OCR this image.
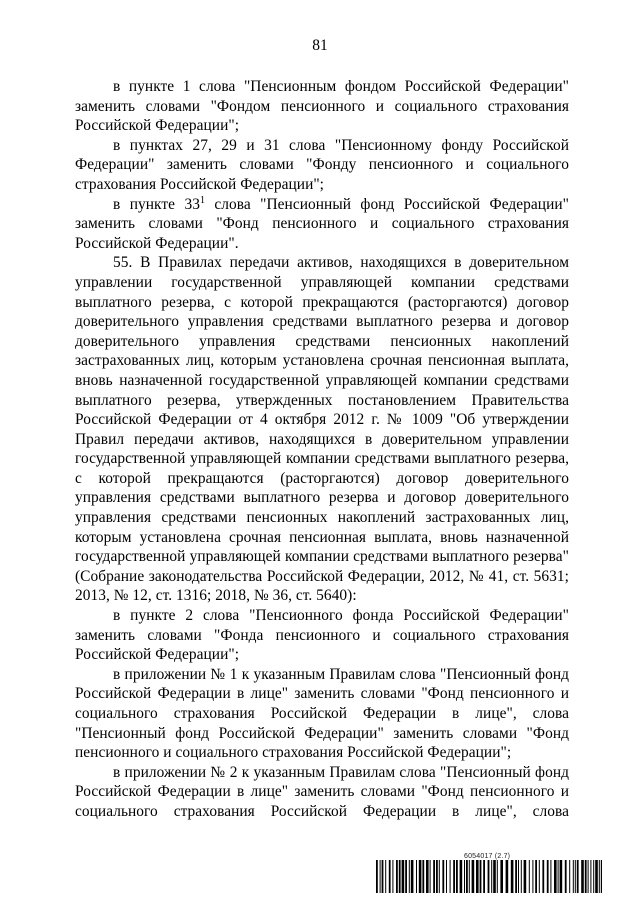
81

в пункте 1 слова "Пенсионным фондом Российской Федерации" заменить словами "Фондом пенсионного и социального страхования Российской Федерации";

в пунктах 27, 29 и 31 слова "Пенсионному фонду Российской Федерации" заменить словами "Фонду пенсионного и социального страхования Российской Федерации";

в пункте $33^1$ слова "Пенсионный фонд Российской Федерации" заменить словами "Фонд пенсионного и социального страхования Российской Федерации".

55. В Правилах передачи активов, находящихся в доверительном управлении государственной управляющей компании средствами выплатного резерва, с которой прекращаются (расторгаются) договор доверительного управления средствами выплатного резерва и договор доверительного управления средствами пенсионных накоплений застрахованных лиц, которым установлена срочная пенсионная выплата, вновь назначенной государственной управляющей компании средствами выплатного резерва, утвержденных постановлением Правительства Российской Федерации от 4 октября 2012 г. № 1009 "Об утверждении Правил передачи активов, находящихся в доверительном управлении государственной управляющей компании средствами выплатного резерва, с которой прекращаются (расторгаются) договор доверительного управления средствами выплатного резерва и договор доверительного управления средствами пенсионных накоплений застрахованных лиц, которым установлена срочная пенсионная выплата, вновь назначенной государственной управляющей компании средствами выплатного резерва" (Собрание законодательства Российской Федерации, 2012, № 41, ст. 5631; 2013, № 12, ст. 1316; 2018, № 36, ст. 5640):

в пункте 2 слова "Пенсионного фонда Российской Федерации" заменить словами "Фонда пенсионного и социального страхования Российской Федерации";

в приложении № 1 к указанным Правилам слова "Пенсионный фонд Российской Федерации в лице" заменить словами "Фонд пенсионного и социального страхования Российской Федерации в лице", слова "Пенсионный фонд Российской Федерации" заменить словами "Фонд пенсионного и социального страхования Российской Федерации";

в приложении № 2 к указанным Правилам слова "Пенсионный фонд Российской Федерации в лице" заменить словами "Фонд пенсионного и социального страхования Российской Федерации в лице", слова

6054017 (2.7)
